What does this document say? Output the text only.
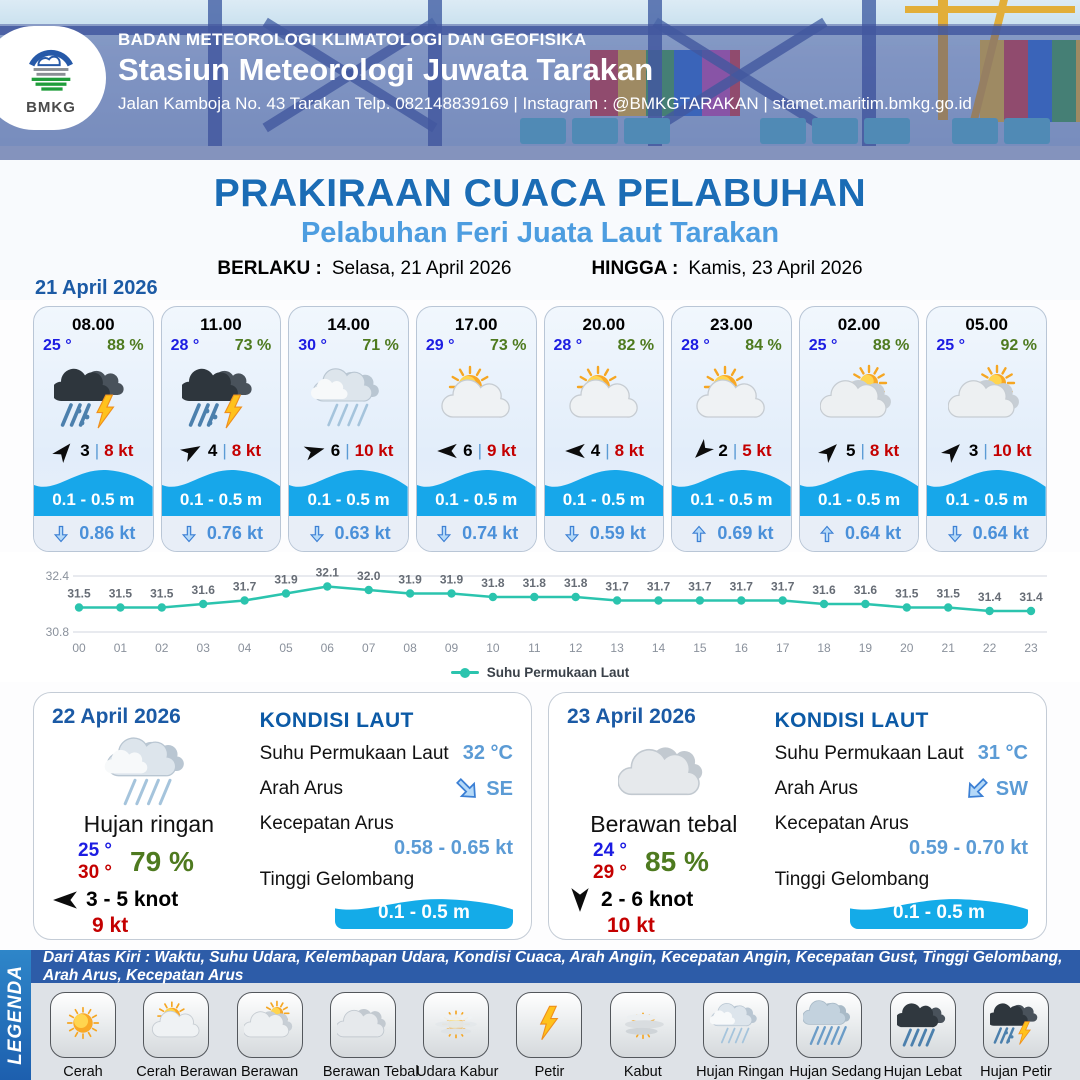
BMKG
BADAN METEOROLOGI KLIMATOLOGI DAN GEOFISIKA
Stasiun Meteorologi Juwata Tarakan
Jalan Kamboja No. 43 Tarakan Telp. 082148839169 | Instagram : @BMKGTARAKAN | stamet.maritim.bmkg.go.id
PRAKIRAAN CUACA PELABUHAN
Pelabuhan Feri Juata Laut Tarakan
BERLAKU : Selasa, 21 April 2026	HINGGA : Kamis, 23 April 2026
21 April 2026
08.00
25 ° 88 %
3 | 8 kt
0.1 - 0.5 m
0.86 kt
11.00
28 ° 73 %
4 | 8 kt
0.1 - 0.5 m
0.76 kt
14.00
30 ° 71 %
6 | 10 kt
0.1 - 0.5 m
0.63 kt
17.00
29 ° 73 %
6 | 9 kt
0.1 - 0.5 m
0.74 kt
20.00
28 ° 82 %
4 | 8 kt
0.1 - 0.5 m
0.59 kt
23.00
28 ° 84 %
2 | 5 kt
0.1 - 0.5 m
0.69 kt
02.00
25 ° 88 %
5 | 8 kt
0.1 - 0.5 m
0.64 kt
05.00
25 ° 92 %
3 | 10 kt
0.1 - 0.5 m
0.64 kt
32.4
30.8
31.5 31.5 31.5 31.6 31.7 31.9 32.1 32.0 31.9 31.9 31.8 31.8 31.8 31.7 31.7 31.7 31.7 31.7 31.6 31.6 31.5 31.5 31.4 31.4
00 01 02 03 04 05 06 07 08 09 10 11 12 13 14 15 16 17 18 19 20 21 22 23
Suhu Permukaan Laut
22 April 2026
Hujan ringan
25 °
30 ° 79 %
3 - 5 knot
9 kt
KONDISI LAUT
Suhu Permukaan Laut 32 °C
Arah Arus	SE
Kecepatan Arus
0.58 - 0.65 kt
Tinggi Gelombang
0.1 - 0.5 m
23 April 2026
Berawan tebal
24 °
29 ° 85 %
2 - 6 knot
10 kt
KONDISI LAUT
Suhu Permukaan Laut 31 °C
Arah Arus	SW
Kecepatan Arus
0.59 - 0.70 kt
Tinggi Gelombang
0.1 - 0.5 m
LEGENDA
Dari Atas Kiri : Waktu, Suhu Udara, Kelembapan Udara, Kondisi Cuaca, Arah Angin, Kecepatan Angin, Kecepatan Gust, Tinggi Gelombang, Arah Arus, Kecepatan Arus
Cerah	Cerah Berawan Berawan	Berawan Tebal
Udara Kabur	Petir	Kabut	Hujan Ringan Hujan Sedang Hujan Lebat Hujan Petir
